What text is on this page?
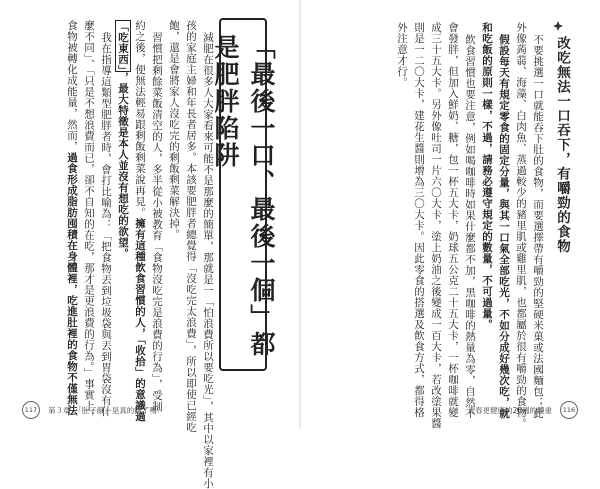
「最後一口、最後一個」都是肥胖陷阱
減肥在很多人大家看來可能不是那麼的簡單，那就是一「怕浪費所以要吃光」，其中以家裡有小
孩的家庭主婦和年長者居多。本該要肥胖者總覺得「沒吃完太浪費」，所以即使已經吃
飽，還是會將家人沒吃完的剩飯剩菜解決掉。
習慣把剩餘菜飯清空的人，多半從小被教育「食物沒吃完是浪費的行為」，受制
約之後，便無法輕易跟剩飯剩菜說再見。擁有這種飲食習慣的人，「收拾」的意識過
「吃東西」，最大特徵是本人並沒有想吃的欲望。
我在指導這類型肥胖者時，會打比喻為：「把食物丟到垃圾袋與丟到胃袋沒有什
麼不同」、「只是不想浪費而已，卻不自知的在吃，那才是更浪費的行為。」事實上，
食物被轉化成能量，然而，過食形成脂肪囤積在身體裡，吃進肚裡的食物不僅無法
117	第３章　「肚子餓」是真的餓了嗎？
改吃無法一口吞下，有嚼勁的食物
不要挑選一口就能吞下肚的食物，而要選擇帶有嚼勁的堅硬米菓或法國麵包；此
外像蒟蒻、海藻、白肉魚、蒸過較少的豬里肌或雞里肌，也都屬於很有嚼勁的食物。
假設每天有規定零食的固定分量，與其一口氣全部吃光，不如分成好幾次吃，就
和吃飯的原則一樣，不過，請務必遵守規定的數量，不可過量。
飲食習慣也要注意，例如喝咖啡時如果什麼都不加，黑咖啡的熱量為零，自然不
會發胖，但加入鮮奶、糖，包一杯五大卡，奶球五公克二十五大卡，一杯咖啡就變
成三十五大卡。另外像吐司一片六〇大卡，塗上奶油之後變成一百大卡，若改塗果醬
則是一二〇大卡，建花生醬則增為三〇大卡。因此零食的搭選及飲食方式，都得格
外注意才行。
青春更健康的20週的體重	116
